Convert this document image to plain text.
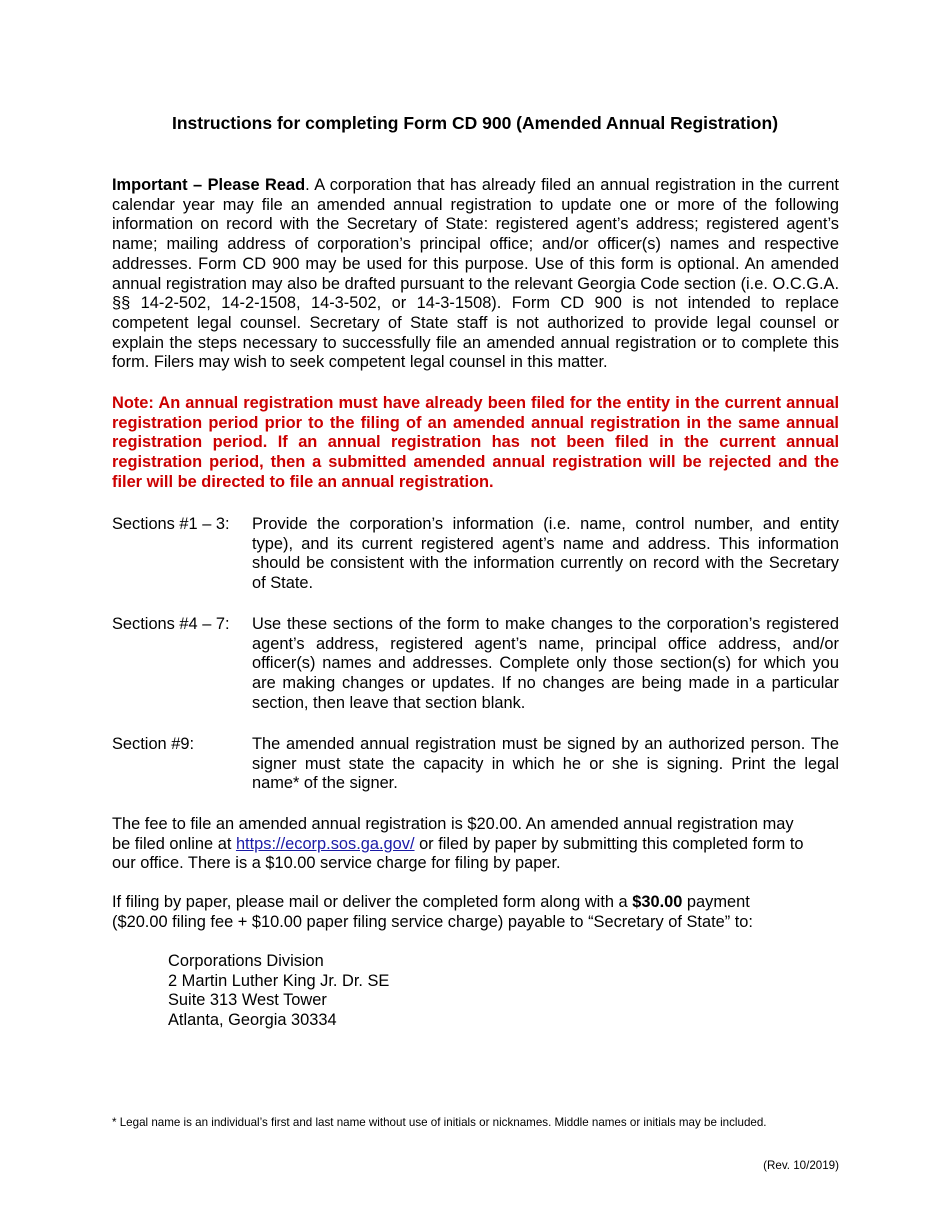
Instructions for completing Form CD 900 (Amended Annual Registration)
Important – Please Read. A corporation that has already filed an annual registration in the current calendar year may file an amended annual registration to update one or more of the following information on record with the Secretary of State: registered agent’s address; registered agent’s name; mailing address of corporation’s principal office; and/or officer(s) names and respective addresses. Form CD 900 may be used for this purpose. Use of this form is optional. An amended annual registration may also be drafted pursuant to the relevant Georgia Code section (i.e. O.C.G.A. §§ 14-2-502, 14-2-1508, 14-3-502, or 14-3-1508). Form CD 900 is not intended to replace competent legal counsel. Secretary of State staff is not authorized to provide legal counsel or explain the steps necessary to successfully file an amended annual registration or to complete this form. Filers may wish to seek competent legal counsel in this matter.
Note: An annual registration must have already been filed for the entity in the current annual registration period prior to the filing of an amended annual registration in the same annual registration period. If an annual registration has not been filed in the current annual registration period, then a submitted amended annual registration will be rejected and the filer will be directed to file an annual registration.
Sections #1 – 3:	Provide the corporation’s information (i.e. name, control number, and entity type), and its current registered agent’s name and address. This information should be consistent with the information currently on record with the Secretary of State.
Sections #4 – 7:	Use these sections of the form to make changes to the corporation’s registered agent’s address, registered agent’s name, principal office address, and/or officer(s) names and addresses. Complete only those section(s) for which you are making changes or updates. If no changes are being made in a particular section, then leave that section blank.
Section #9:	The amended annual registration must be signed by an authorized person. The signer must state the capacity in which he or she is signing. Print the legal name* of the signer.
The fee to file an amended annual registration is $20.00. An amended annual registration may
be filed online at https://ecorp.sos.ga.gov/ or filed by paper by submitting this completed form to
our office. There is a $10.00 service charge for filing by paper.
If filing by paper, please mail or deliver the completed form along with a $30.00 payment
($20.00 filing fee + $10.00 paper filing service charge) payable to “Secretary of State” to:
Corporations Division
2 Martin Luther King Jr. Dr. SE
Suite 313 West Tower
Atlanta, Georgia 30334
* Legal name is an individual’s first and last name without use of initials or nicknames. Middle names or initials may be included.
(Rev. 10/2019)
